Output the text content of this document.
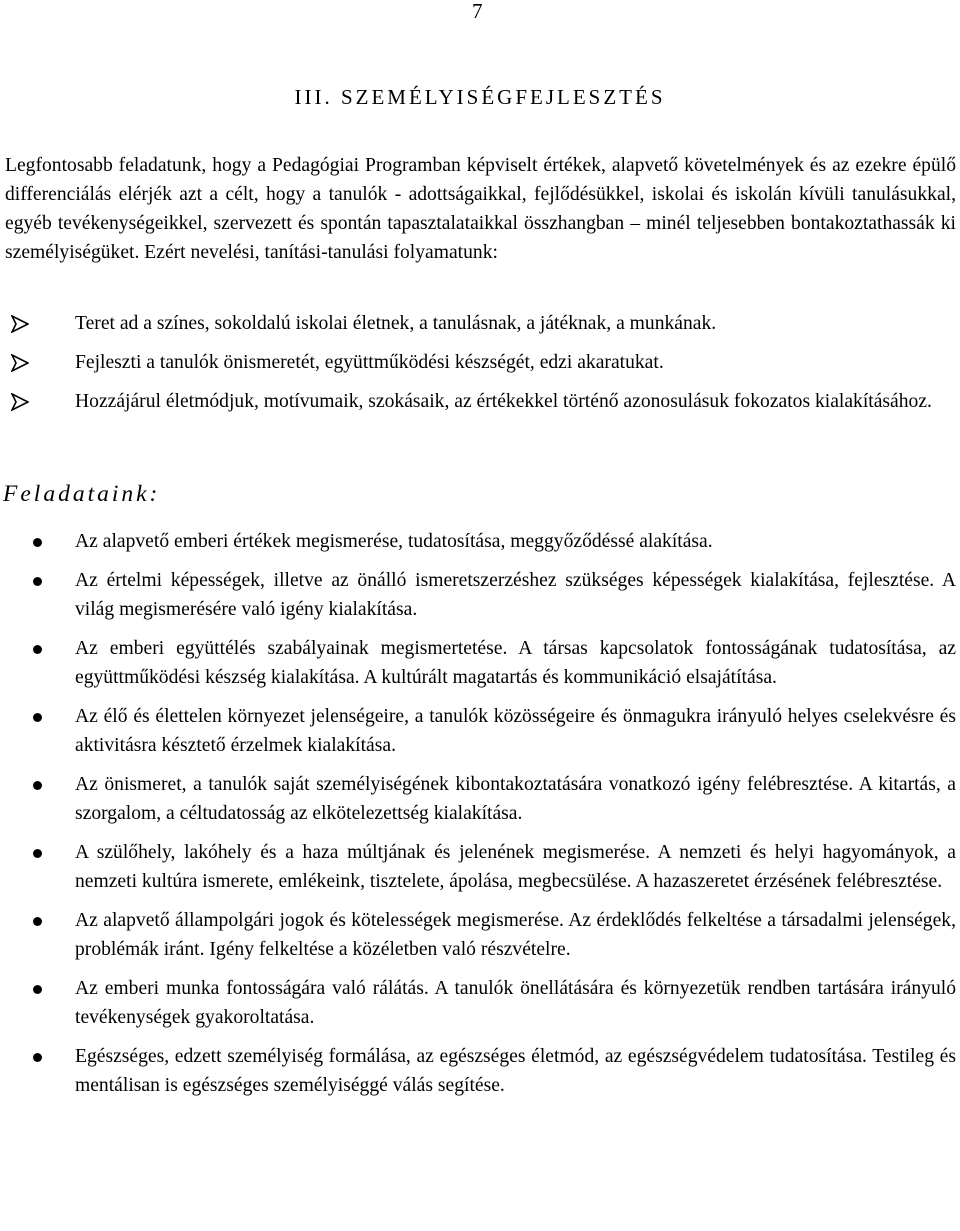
7
III. SZEMÉLYISÉGFEJLESZTÉS

Legfontosabb feladatunk, hogy a Pedagógiai Programban képviselt értékek, alapvető követelmények és az ezekre épülő differenciálás elérjék azt a célt, hogy a tanulók - adottságaikkal, fejlődésükkel, iskolai és iskolán kívüli tanulásukkal, egyéb tevékenységeikkel, szervezett és spontán tapasztalataikkal összhangban – minél teljesebben bontakoztathassák ki személyiségüket. Ezért nevelési, tanítási-tanulási folyamatunk:

Teret ad a színes, sokoldalú iskolai életnek, a tanulásnak, a játéknak, a munkának.
Fejleszti a tanulók önismeretét, együttműködési készségét, edzi akaratukat.
Hozzájárul életmódjuk, motívumaik, szokásaik, az értékekkel történő azonosulásuk fokozatos kialakításához.
Feladataink:
Az alapvető emberi értékek megismerése, tudatosítása, meggyőződéssé alakítása.
Az értelmi képességek, illetve az önálló ismeretszerzéshez szükséges képességek kialakítása, fejlesztése. A világ megismerésére való igény kialakítása.
Az emberi együttélés szabályainak megismertetése. A társas kapcsolatok fontosságának tudatosítása, az együttműködési készség kialakítása. A kultúrált magatartás és kommunikáció elsajátítása.
Az élő és élettelen környezet jelenségeire, a tanulók közösségeire és önmagukra irányuló helyes cselekvésre és aktivitásra késztető érzelmek kialakítása.
Az önismeret, a tanulók saját személyiségének kibontakoztatására vonatkozó igény felébresztése. A kitartás, a szorgalom, a céltudatosság az elkötelezettség kialakítása.
A szülőhely, lakóhely és a haza múltjának és jelenének megismerése. A nemzeti és helyi hagyományok, a nemzeti kultúra ismerete, emlékeink, tisztelete, ápolása, megbecsülése. A hazaszeretet érzésének felébresztése.
Az alapvető állampolgári jogok és kötelességek megismerése. Az érdeklődés felkeltése a társadalmi jelenségek, problémák iránt. Igény felkeltése a közéletben való részvételre.
Az emberi munka fontosságára való rálátás. A tanulók önellátására és környezetük rendben tartására irányuló tevékenységek gyakoroltatása.
Egészséges, edzett személyiség formálása, az egészséges életmód, az egészségvédelem tudatosítása. Testileg és mentálisan is egészséges személyiséggé válás segítése.
